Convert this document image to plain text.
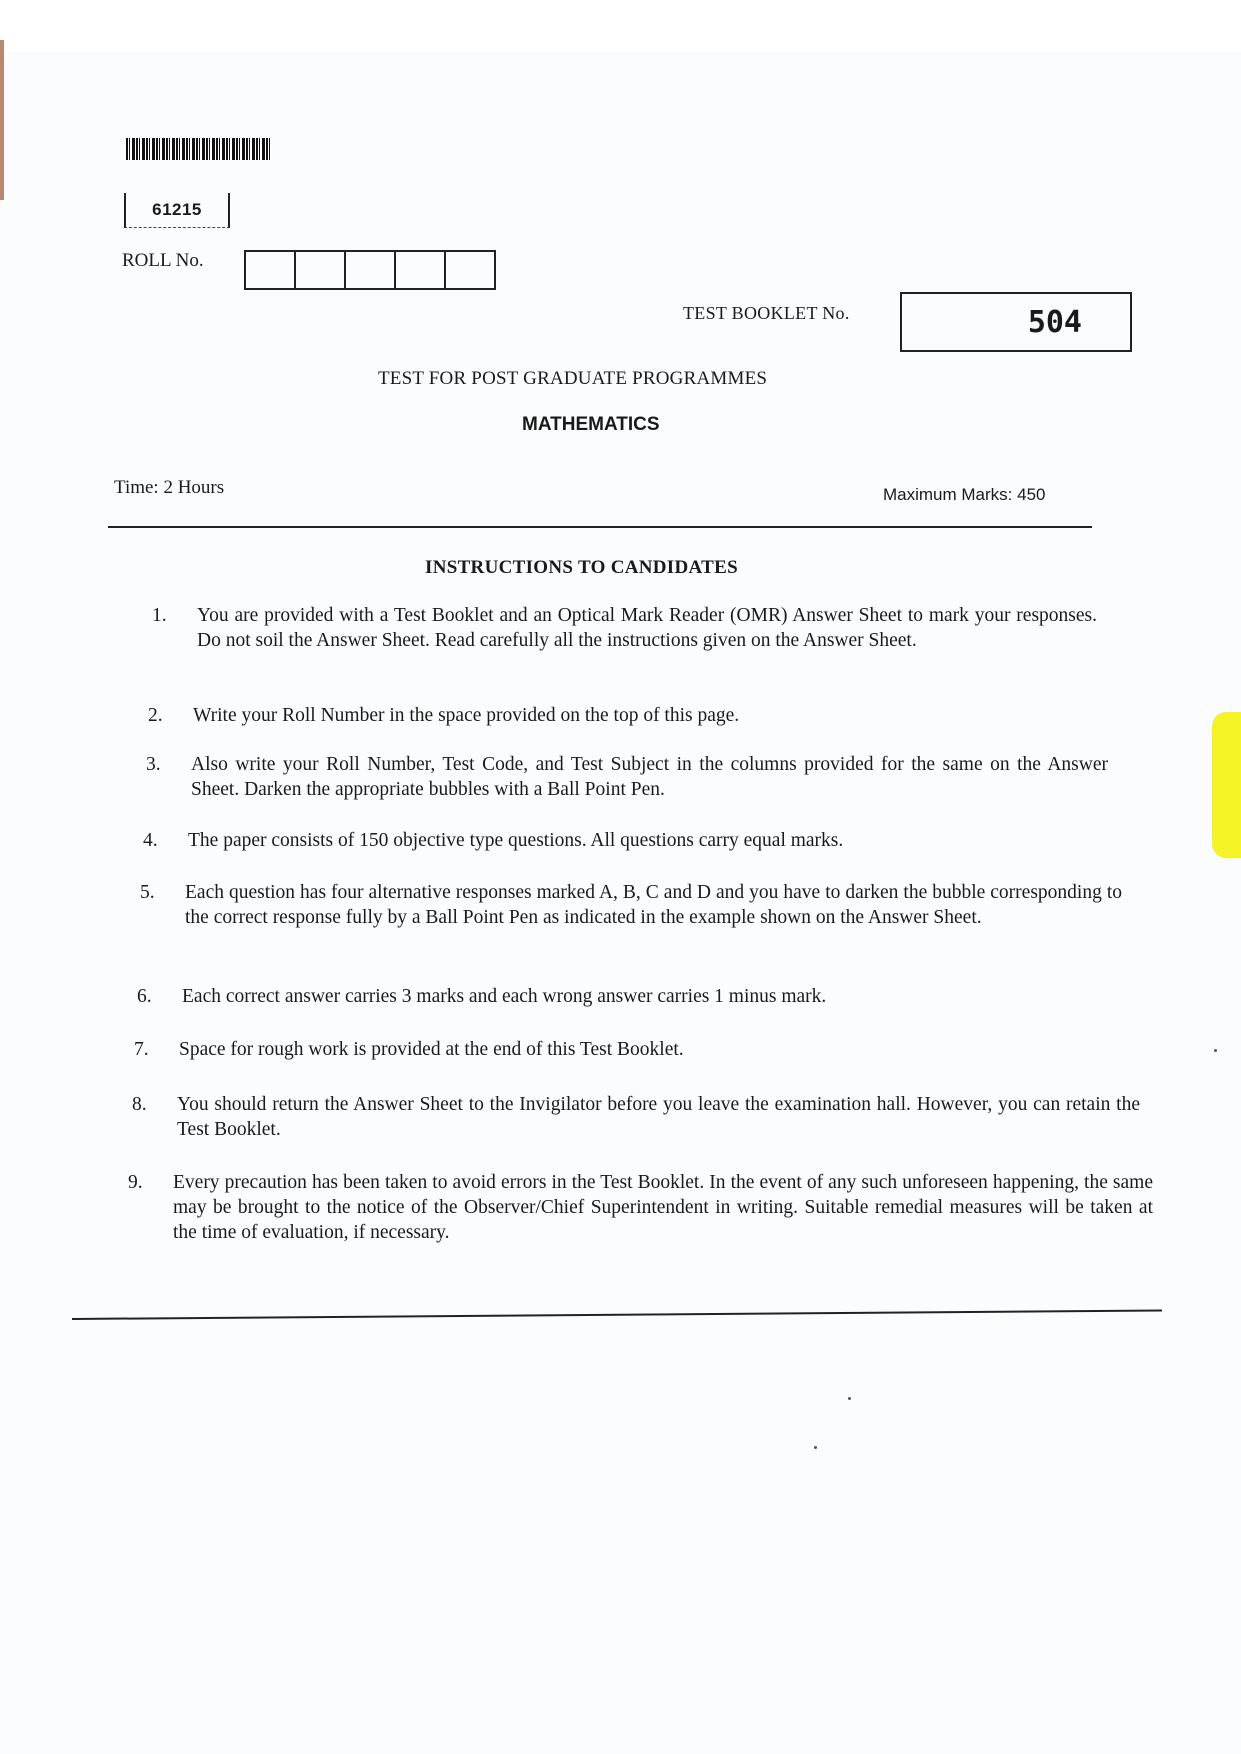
61215
ROLL No.
TEST BOOKLET No.	504
TEST FOR POST GRADUATE PROGRAMMES
MATHEMATICS
Time: 2 Hours	Maximum Marks: 450
INSTRUCTIONS TO CANDIDATES
1.	You are provided with a Test Booklet and an Optical Mark Reader (OMR) Answer Sheet to mark your responses. Do not soil the Answer Sheet. Read carefully all the instructions given on the Answer Sheet.
2.	Write your Roll Number in the space provided on the top of this page.
3.	Also write your Roll Number, Test Code, and Test Subject in the columns provided for the same on the Answer Sheet. Darken the appropriate bubbles with a Ball Point Pen.
4.	The paper consists of 150 objective type questions. All questions carry equal marks.
5.	Each question has four alternative responses marked A, B, C and D and you have to darken the bubble corresponding to the correct response fully by a Ball Point Pen as indicated in the example shown on the Answer Sheet.
6.	Each correct answer carries 3 marks and each wrong answer carries 1 minus mark.
7.	Space for rough work is provided at the end of this Test Booklet.
8.	You should return the Answer Sheet to the Invigilator before you leave the examination hall. However, you can retain the Test Booklet.
9.	Every precaution has been taken to avoid errors in the Test Booklet. In the event of any such unforeseen happening, the same may be brought to the notice of the Observer/Chief Superintendent in writing. Suitable remedial measures will be taken at the time of evaluation, if necessary.
